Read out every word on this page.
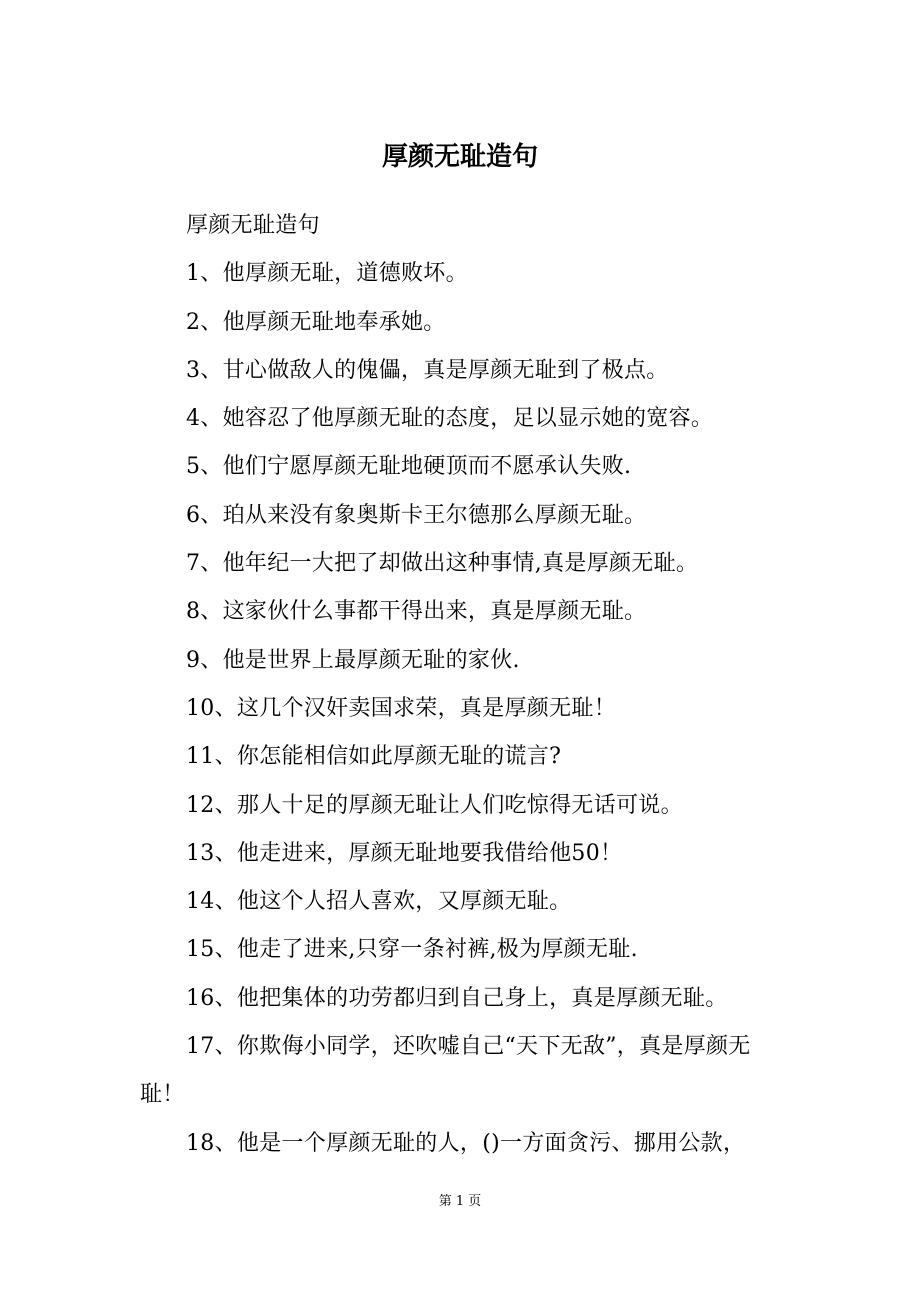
厚颜无耻造句

厚颜无耻造句

1、他厚颜无耻，道德败坏。

2、他厚颜无耻地奉承她。

3、甘心做敌人的傀儡，真是厚颜无耻到了极点。

4、她容忍了他厚颜无耻的态度，足以显示她的宽容。

5、他们宁愿厚颜无耻地硬顶而不愿承认失败.

6、珀从来没有象奥斯卡王尔德那么厚颜无耻。

7、他年纪一大把了却做出这种事情,真是厚颜无耻。

8、这家伙什么事都干得出来，真是厚颜无耻。

9、他是世界上最厚颜无耻的家伙.

10、这几个汉奸卖国求荣，真是厚颜无耻！

11、你怎能相信如此厚颜无耻的谎言?

12、那人十足的厚颜无耻让人们吃惊得无话可说。

13、他走进来，厚颜无耻地要我借给他50！

14、他这个人招人喜欢，又厚颜无耻。

15、他走了进来,只穿一条衬裤,极为厚颜无耻.

16、他把集体的功劳都归到自己身上，真是厚颜无耻。

17、你欺侮小同学，还吹嘘自己“天下无敌”，真是厚颜无耻！

18、他是一个厚颜无耻的人，()一方面贪污、挪用公款，

第 1 页
